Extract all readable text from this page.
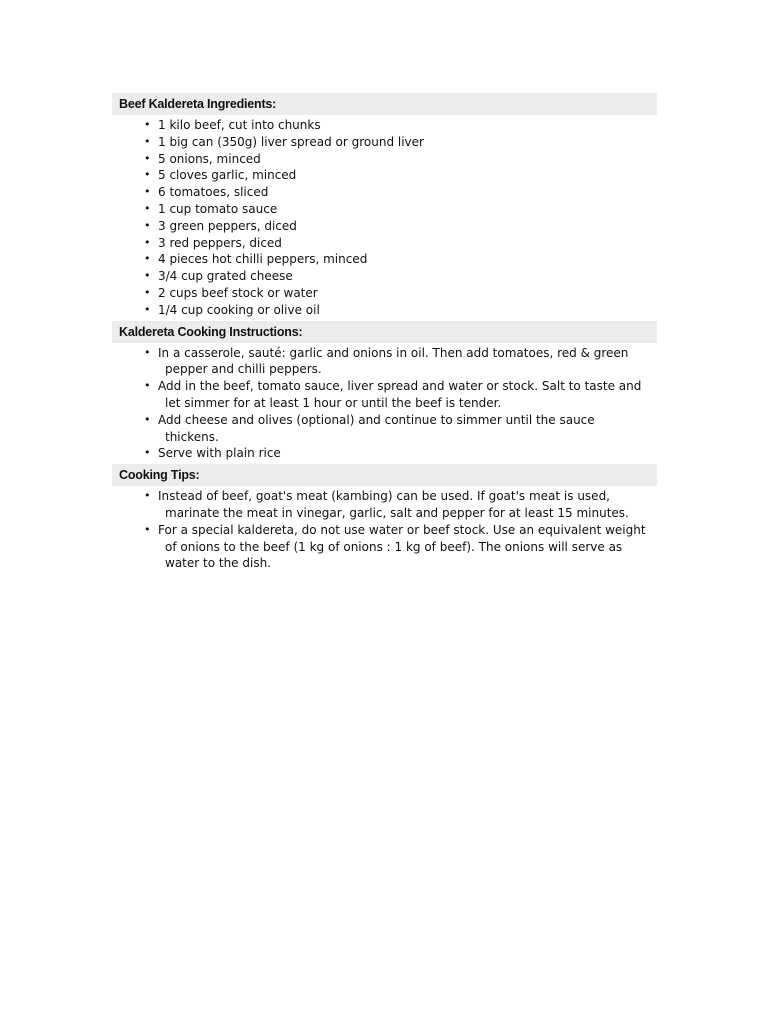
Beef Kaldereta Ingredients:
• 1 kilo beef, cut into chunks
• 1 big can (350g) liver spread or ground liver
• 5 onions, minced
• 5 cloves garlic, minced
• 6 tomatoes, sliced
• 1 cup tomato sauce
• 3 green peppers, diced
• 3 red peppers, diced
• 4 pieces hot chilli peppers, minced
• 3/4 cup grated cheese
• 2 cups beef stock or water
• 1/4 cup cooking or olive oil
Kaldereta Cooking Instructions:
• In a casserole, sauté: garlic and onions in oil. Then add tomatoes, red & green pepper and chilli peppers.
• Add in the beef, tomato sauce, liver spread and water or stock. Salt to taste and let simmer for at least 1 hour or until the beef is tender.
• Add cheese and olives (optional) and continue to simmer until the sauce thickens.
• Serve with plain rice
Cooking Tips:
• Instead of beef, goat's meat (kambing) can be used. If goat's meat is used, marinate the meat in vinegar, garlic, salt and pepper for at least 15 minutes.
• For a special kaldereta, do not use water or beef stock. Use an equivalent weight of onions to the beef (1 kg of onions : 1 kg of beef). The onions will serve as water to the dish.
